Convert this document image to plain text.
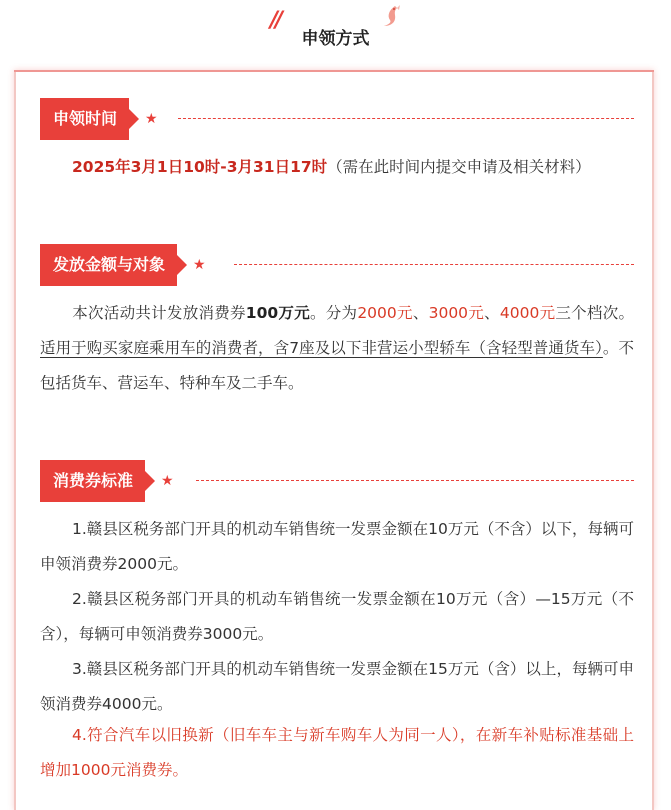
//
申领方式
申领时间	★

2025年3月1日10时-3月31日17时（需在此时间内提交申请及相关材料）

发放金额与对象	★

本次活动共计发放消费券100万元。分为2000元、3000元、4000元三个档次。适用于购买家庭乘用车的消费者，含7座及以下非营运小型轿车（含轻型普通货车）。不包括货车、营运车、特种车及二手车。

消费券标准	★

1.赣县区税务部门开具的机动车销售统一发票金额在10万元（不含）以下，每辆可申领消费券2000元。

2.赣县区税务部门开具的机动车销售统一发票金额在10万元（含）—15万元（不含），每辆可申领消费券3000元。

3.赣县区税务部门开具的机动车销售统一发票金额在15万元（含）以上，每辆可申领消费券4000元。

4.符合汽车以旧换新（旧车车主与新车购车人为同一人），在新车补贴标准基础上增加1000元消费券。
